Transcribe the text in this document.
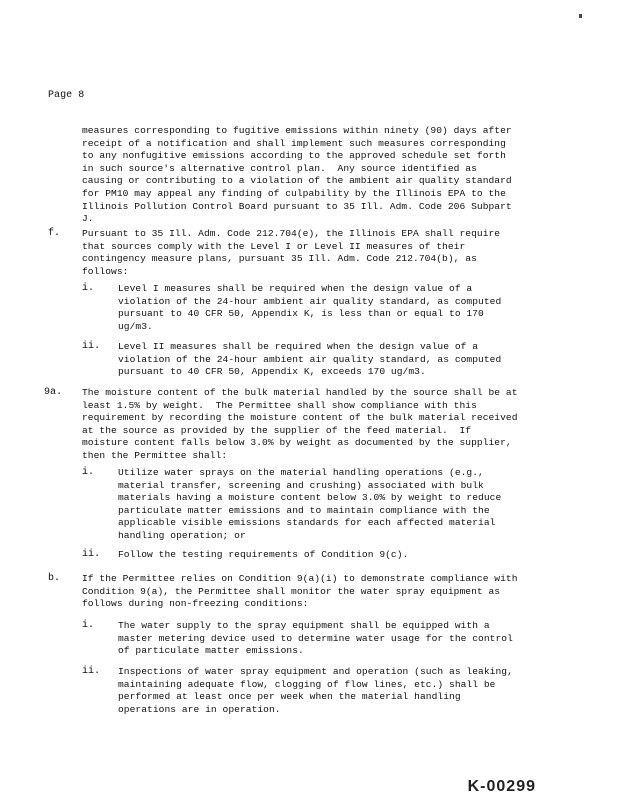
Page 8
measures corresponding to fugitive emissions within ninety (90) days after receipt of a notification and shall implement such measures corresponding to any nonfugitive emissions according to the approved schedule set forth in such source's alternative control plan.  Any source identified as causing or contributing to a violation of the ambient air quality standard for PM10 may appeal any finding of culpability by the Illinois EPA to the Illinois Pollution Control Board pursuant to 35 Ill. Adm. Code 206 Subpart J.
f. Pursuant to 35 Ill. Adm. Code 212.704(e), the Illinois EPA shall require that sources comply with the Level I or Level II measures of their contingency measure plans, pursuant 35 Ill. Adm. Code 212.704(b), as follows:
i. Level I measures shall be required when the design value of a violation of the 24-hour ambient air quality standard, as computed pursuant to 40 CFR 50, Appendix K, is less than or equal to 170 ug/m3.
ii. Level II measures shall be required when the design value of a violation of the 24-hour ambient air quality standard, as computed pursuant to 40 CFR 50, Appendix K, exceeds 170 ug/m3.
9a. The moisture content of the bulk material handled by the source shall be at least 1.5% by weight.  The Permittee shall show compliance with this requirement by recording the moisture content of the bulk material received at the source as provided by the supplier of the feed material.  If moisture content falls below 3.0% by weight as documented by the supplier, then the Permittee shall:
i. Utilize water sprays on the material handling operations (e.g., material transfer, screening and crushing) associated with bulk materials having a moisture content below 3.0% by weight to reduce particulate matter emissions and to maintain compliance with the applicable visible emissions standards for each affected material handling operation; or
ii. Follow the testing requirements of Condition 9(c).
b. If the Permittee relies on Condition 9(a)(i) to demonstrate compliance with Condition 9(a), the Permittee shall monitor the water spray equipment as follows during non-freezing conditions:
i. The water supply to the spray equipment shall be equipped with a master metering device used to determine water usage for the control of particulate matter emissions.
ii. Inspections of water spray equipment and operation (such as leaking, maintaining adequate flow, clogging of flow lines, etc.) shall be performed at least once per week when the material handling operations are in operation.
K-00299
